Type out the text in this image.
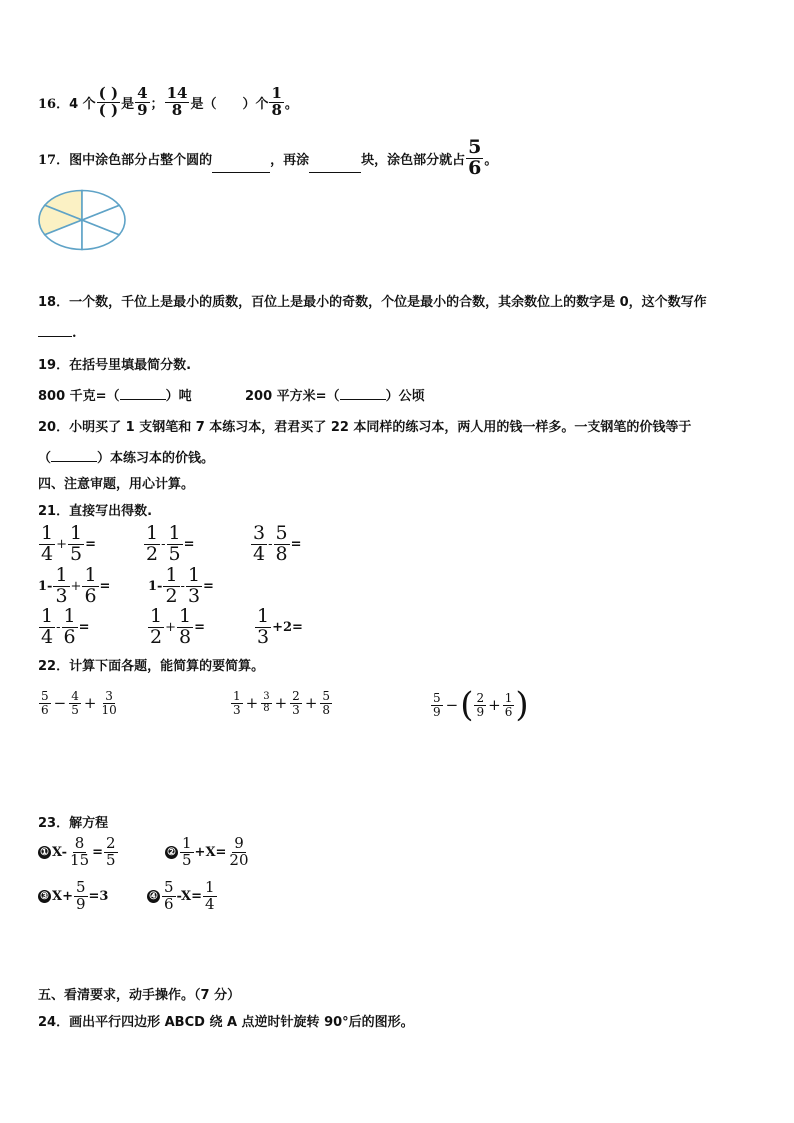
16． 4 个 $\frac{( )}{( )}$ 是 $\frac{4}{9}$ ； $\frac{14}{8}$ 是（　　）个 $\frac{1}{8}$ 。
17． 图中涂色部分占整个圆的	，再涂	块，涂色部分就占 $\frac{5}{6}$ 。
18．一个数，千位上是最小的质数，百位上是最小的奇数，个位是最小的合数，其余数位上的数字是 0，这个数写作
.
19．在括号里填最简分数.
800 千克=（	）吨	200 平方米=（	）公顷
20．小明买了 1 支钢笔和 7 本练习本，君君买了 22 本同样的练习本，两人用的钱一样多。一支钢笔的价钱等于
（	）本练习本的价钱。
四、注意审题，用心计算。
21．直接写出得数.
$\frac{1}{4} + \frac{1}{5}$ =	$\frac{1}{2} - \frac{1}{5}$ =	$\frac{3}{4} - \frac{5}{8}$ =
$1- \frac{1}{3} + \frac{1}{6}$ =	$1- \frac{1}{2} - \frac{1}{3}$ =
$\frac{1}{4} - \frac{1}{6}$ =	$\frac{1}{2} + \frac{1}{8}$ =	$\frac{1}{3} +2=$
22．计算下面各题，能简算的要简算。
$\frac{5}{6} - \frac{4}{5} + \frac{3}{10}$	$\frac{1}{3} + \frac{3}{8} + \frac{2}{3} + \frac{5}{8}$	$\frac{5}{9}$ − ( $\frac{2}{9} + \frac{1}{6}$ )
23．解方程
① $X- \frac{8}{15} = \frac{2}{5}$	② $\frac{1}{5} +X= \frac{9}{20}$
③ $X+ \frac{5}{9} =3$	④ $\frac{5}{6} -X= \frac{1}{4}$
五、看清要求，动手操作。（7 分）
24．画出平行四边形 ABCD 绕 A 点逆时针旋转 90°后的图形。
